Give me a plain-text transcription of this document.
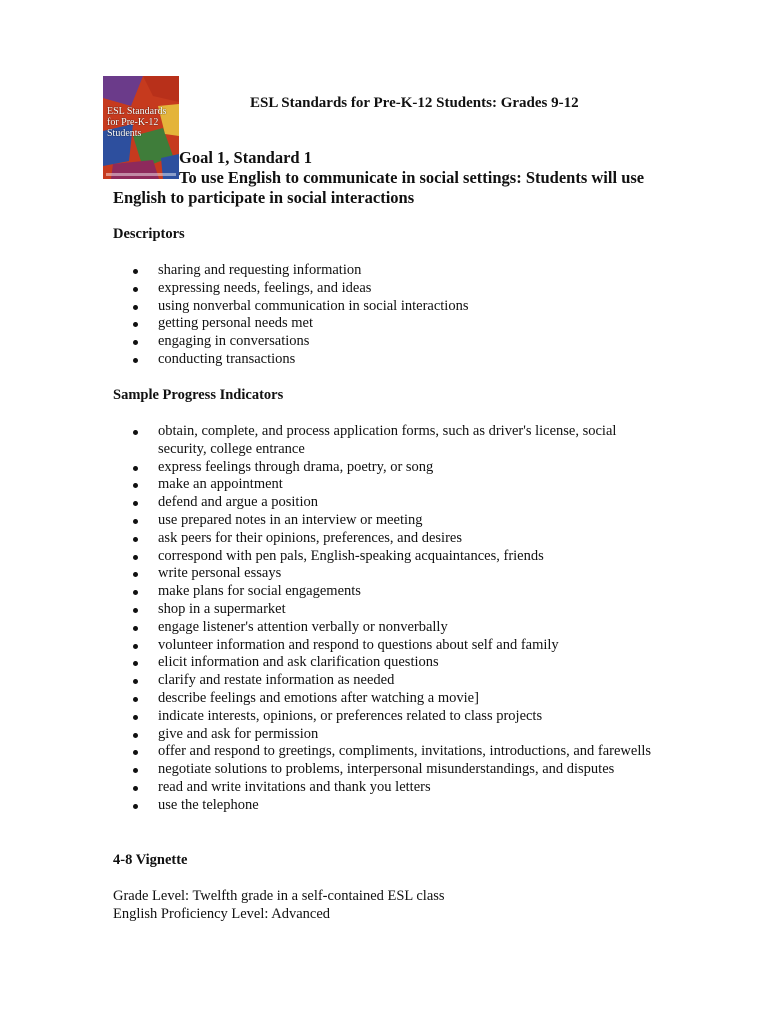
ESL Standards for Pre-K-12 Students
ESL Standards for Pre-K-12 Students: Grades 9-12
Goal 1, Standard 1
To use English to communicate in social settings: Students will use English to participate in social interactions
Descriptors
sharing and requesting information
expressing needs, feelings, and ideas
using nonverbal communication in social interactions
getting personal needs met
engaging in conversations
conducting transactions
Sample Progress Indicators
obtain, complete, and process application forms, such as driver's license, social security, college entrance
express feelings through drama, poetry, or song
make an appointment
defend and argue a position
use prepared notes in an interview or meeting
ask peers for their opinions, preferences, and desires
correspond with pen pals, English-speaking acquaintances, friends
write personal essays
make plans for social engagements
shop in a supermarket
engage listener's attention verbally or nonverbally
volunteer information and respond to questions about self and family
elicit information and ask clarification questions
clarify and restate information as needed
describe feelings and emotions after watching a movie]
indicate interests, opinions, or preferences related to class projects
give and ask for permission
offer and respond to greetings, compliments, invitations, introductions, and farewells
negotiate solutions to problems, interpersonal misunderstandings, and disputes
read and write invitations and thank you letters
use the telephone
4-8 Vignette
Grade Level: Twelfth grade in a self-contained ESL class
English Proficiency Level: Advanced
